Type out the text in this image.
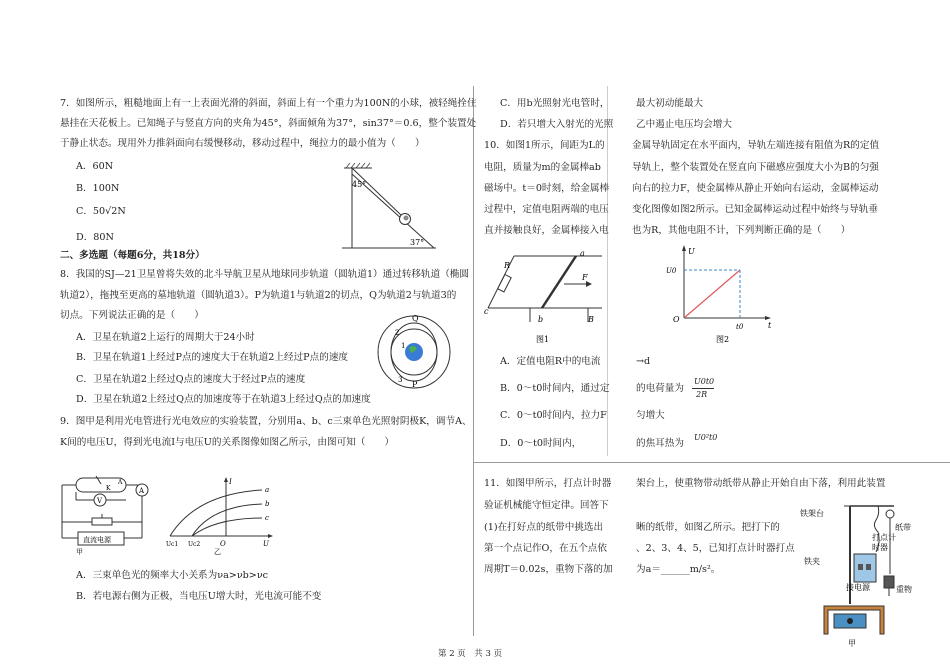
7．如图所示，粗糙地面上有一上表面光滑的斜面，斜面上有一个重力为100N的小球，被轻绳拴住
悬挂在天花板上。已知绳子与竖直方向的夹角为45°，斜面倾角为37°，sin37°＝0.6，整个装置处
于静止状态。现用外力推斜面向右缓慢移动，移动过程中，绳拉力的最小值为（　　）
A．60N
B．100N
C．50√2N
D．80N
45°
37°
二、多选题（每题6分，共18分）
8．我国的SJ—21卫星曾将失效的北斗导航卫星从地球同步轨道（圆轨道1）通过转移轨道（椭圆
轨道2），拖拽至更高的墓地轨道（圆轨道3）。P为轨道1与轨道2的切点，Q为轨道2与轨道3的
切点。下列说法正确的是（　　）
A．卫星在轨道2上运行的周期大于24小时
B．卫星在轨道1上经过P点的速度大于在轨道2上经过P点的速度
C．卫星在轨道2上经过Q点的速度大于经过P点的速度
D．卫星在轨道2上经过Q点的加速度等于在轨道3上经过Q点的加速度
Q
P
1
2
3
9．图甲是利用光电管进行光电效应的实验装置，分别用a、b、c三束单色光照射阴极K，调节A、
K间的电压U，得到光电流I与电压U的关系图像如图乙所示，由图可知（　　）
K
A
A
V
直流电源
甲
I
U
O
Uc1 Uc2
a
b
c
乙
A．三束单色光的频率大小关系为νa>νb>νc
B．若电源右侧为正极，当电压U增大时，光电流可能不变
C．用b光照射光电管时，	最大初动能最大
D．若只增大入射光的光照 乙中遏止电压均会增大
10．如图1所示，间距为L的	金属导轨固定在水平面内，导轨左端连接有阻值为R的定值
电阻，质量为m的金属棒ab	导轨上，整个装置处在竖直向下磁感应强度大小为B的匀强
磁场中。t＝0时刻，给金属棒 向右的拉力F，使金属棒从静止开始向右运动，金属棒运动
过程中，定值电阻两端的电压 变化图像如图2所示。已知金属棒运动过程中始终与导轨垂
直并接触良好，金属棒接入电 也为R，其他电阻不计，下列判断正确的是（　　）
R
a
b
c
F
B
图1
U
U0
O
t0	t
图2
A．定值电阻R中的电流	→d
B．0～t0时间内，通过定	的电荷量为
U0t0
2R
C．0～t0时间内，拉力F	匀增大
D．0～t0时间内，	的焦耳热为
U0²t0
11．如图甲所示，打点计时器	架台上，使重物带动纸带从静止开始自由下落，利用此装置
验证机械能守恒定律。回答下
(1)在打好点的纸带中挑选出	晰的纸带，如图乙所示。把打下的
第一个点记作O，在五个点依	、2、3、4、5，已知打点计时器打点
周期T＝0.02s，重物下落的加 为a＝______m/s²。
铁架台
纸带
打点计
时器
铁夹
接电源	重物
甲
第 2 页　共 3 页
